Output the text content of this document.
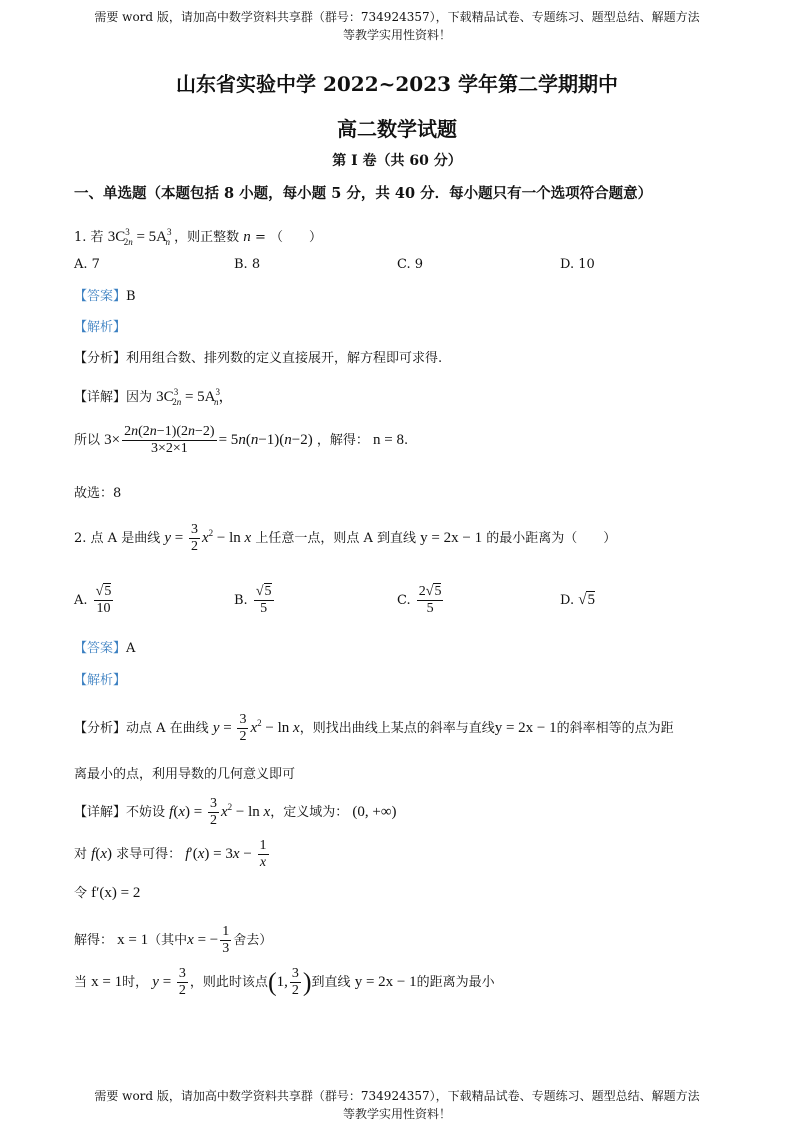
需要 word 版，请加高中数学资料共享群（群号：734924357），下载精品试卷、专题练习、题型总结、解题方法
等教学实用性资料！
山东省实验中学 2022~2023 学年第二学期期中
高二数学试题
第 I 卷（共 60 分）
一、单选题（本题包括 8 小题，每小题 5 分，共 40 分．每小题只有一个选项符合题意）
1. 若 $3C^3_{2n} = 5A^3_n$ ，则正整数 n = （　　）
A. 7	B. 8	C. 9	D. 10
【答案】B
【解析】
【分析】利用组合数、排列数的定义直接展开，解方程即可求得.
【详解】因为 $3C^3_{2n} = 5A^3_n$，
所以 $3\times \frac{2n(2n-1)(2n-2)}{3\times 2\times 1} = 5n(n-1)(n-2)$ ，解得： n = 8.
故选：8
2. 点 A 是曲线 $y = \frac{3}{2} x^2 - \ln x$ 上任意一点，则点 A 到直线 y = 2x − 1 的最小距离为（　　）
A. $\frac{√5}{10}$	B. $\frac{√5}{5}$	C. $\frac{2√5}{5}$	D. √5
【答案】A
【解析】
【分析】动点 A 在曲线 $y = \frac{3}{2} x^2 - \ln x$，则找出曲线上某点的斜率与直线y = 2x − 1的斜率相等的点为距
离最小的点，利用导数的几何意义即可
【详解】不妨设 $f(x) = \frac{3}{2} x^2 - \ln x$，定义域为： (0, +∞)
对 f(x) 求导可得： $f'(x) = 3x - \frac{1}{x}$
令 f′(x) = 2
解得： x = 1（其中x = − $\frac{1}{3}$ 舍去）
当 x = 1时， $y = \frac{3}{2}$ ，则此时该点(1, $\frac{3}{2}$ )到直线 y = 2x − 1的距离为最小
需要 word 版，请加高中数学资料共享群（群号：734924357），下载精品试卷、专题练习、题型总结、解题方法
等教学实用性资料！
